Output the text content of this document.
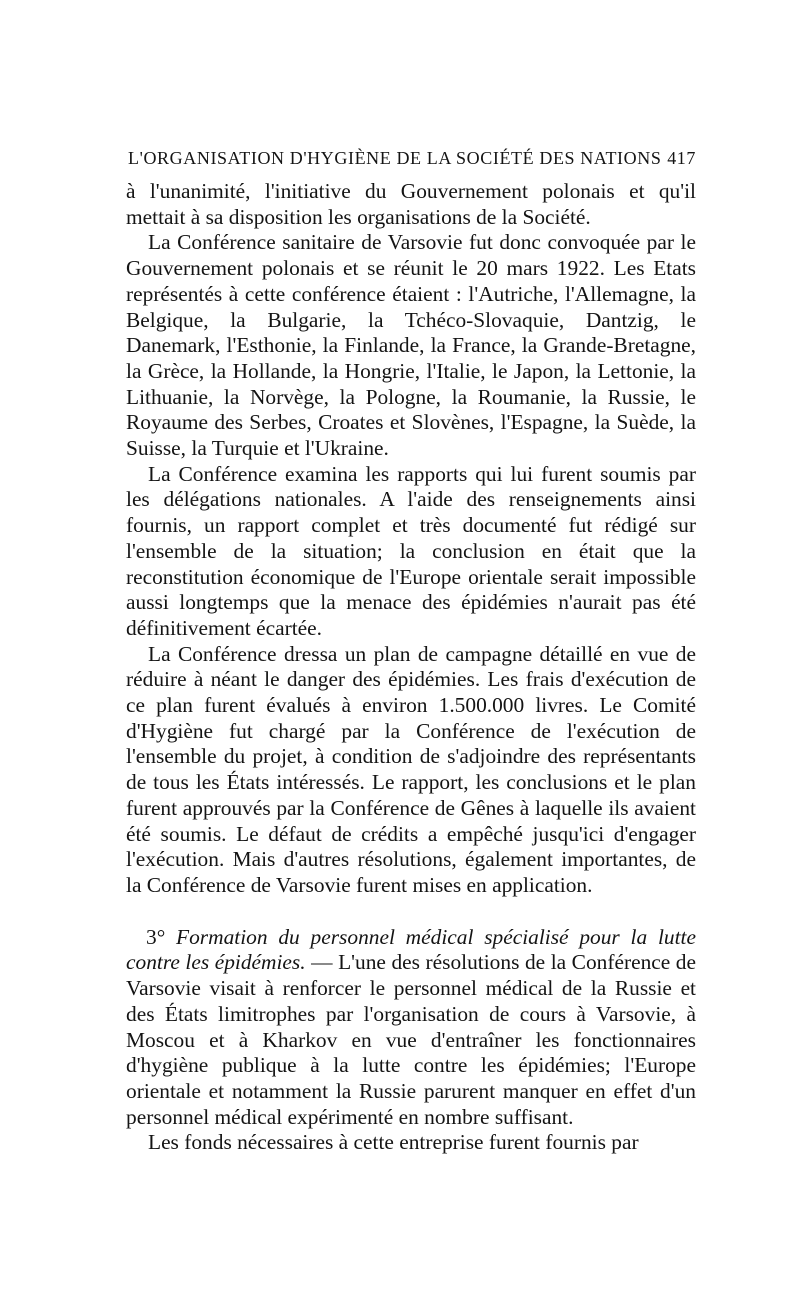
L'ORGANISATION D'HYGIÈNE DE LA SOCIÉTÉ DES NATIONS 417

à l'unanimité, l'initiative du Gouvernement polonais et qu'il mettait à sa disposition les organisations de la Société.

La Conférence sanitaire de Varsovie fut donc convoquée par le Gouvernement polonais et se réunit le 20 mars 1922. Les Etats représentés à cette conférence étaient : l'Autriche, l'Allemagne, la Belgique, la Bulgarie, la Tchéco-Slovaquie, Dantzig, le Danemark, l'Esthonie, la Finlande, la France, la Grande-Bretagne, la Grèce, la Hollande, la Hongrie, l'Italie, le Japon, la Lettonie, la Lithuanie, la Norvège, la Pologne, la Roumanie, la Russie, le Royaume des Serbes, Croates et Slovènes, l'Espagne, la Suède, la Suisse, la Turquie et l'Ukraine.

La Conférence examina les rapports qui lui furent soumis par les délégations nationales. A l'aide des renseignements ainsi fournis, un rapport complet et très documenté fut rédigé sur l'ensemble de la situation; la conclusion en était que la reconstitution économique de l'Europe orientale serait impossible aussi longtemps que la menace des épidémies n'aurait pas été définitivement écartée.

La Conférence dressa un plan de campagne détaillé en vue de réduire à néant le danger des épidémies. Les frais d'exécution de ce plan furent évalués à environ 1.500.000 livres. Le Comité d'Hygiène fut chargé par la Conférence de l'exécution de l'ensemble du projet, à condition de s'adjoindre des représentants de tous les États intéressés. Le rapport, les conclusions et le plan furent approuvés par la Conférence de Gênes à laquelle ils avaient été soumis. Le défaut de crédits a empêché jusqu'ici d'engager l'exécution. Mais d'autres résolutions, également importantes, de la Conférence de Varsovie furent mises en application.

3° Formation du personnel médical spécialisé pour la lutte contre les épidémies. — L'une des résolutions de la Conférence de Varsovie visait à renforcer le personnel médical de la Russie et des États limitrophes par l'organisation de cours à Varsovie, à Moscou et à Kharkov en vue d'entraîner les fonctionnaires d'hygiène publique à la lutte contre les épidémies; l'Europe orientale et notamment la Russie parurent manquer en effet d'un personnel médical expérimenté en nombre suffisant.

Les fonds nécessaires à cette entreprise furent fournis par
